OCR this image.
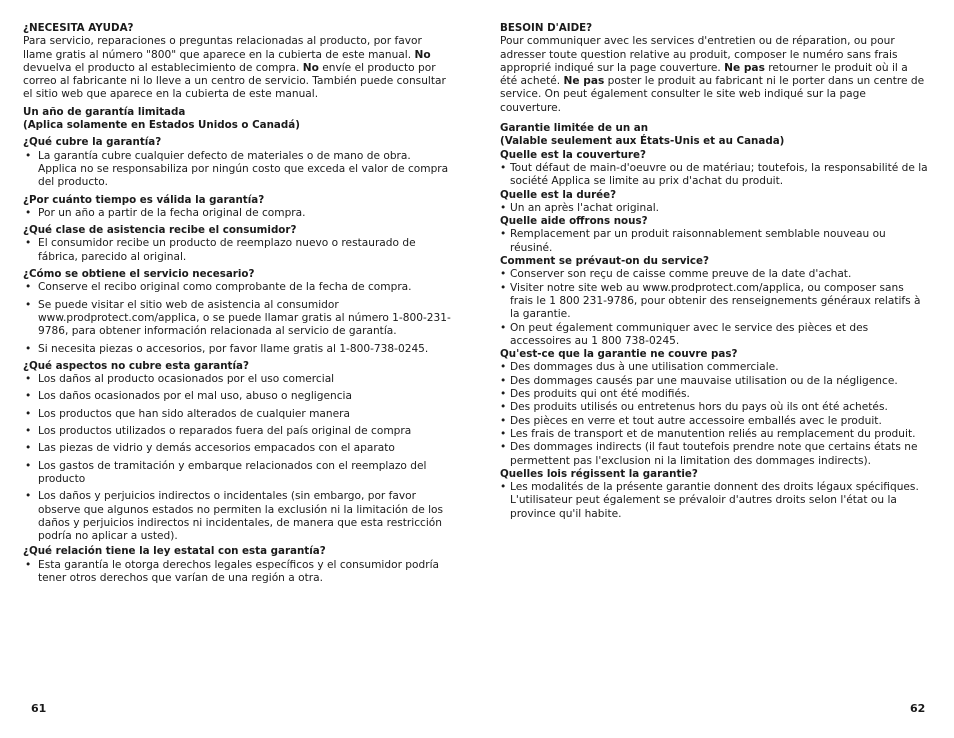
¿NECESITA AYUDA?

Para servicio, reparaciones o preguntas relacionadas al producto, por favor llame gratis al número "800" que aparece en la cubierta de este manual. No devuelva el producto al establecimiento de compra. No envíe el producto por correo al fabricante ni lo lleve a un centro de servicio. También puede consultar el sitio web que aparece en la cubierta de este manual.

Un año de garantía limitada

(Aplica solamente en Estados Unidos o Canadá)

¿Qué cubre la garantía?

• La garantía cubre cualquier defecto de materiales o de mano de obra. Applica no se responsabiliza por ningún costo que exceda el valor de compra del producto.

¿Por cuánto tiempo es válida la garantía?

• Por un año a partir de la fecha original de compra.

¿Qué clase de asistencia recibe el consumidor?

• El consumidor recibe un producto de reemplazo nuevo o restaurado de fábrica, parecido al original.

¿Cómo se obtiene el servicio necesario?

• Conserve el recibo original como comprobante de la fecha de compra.
• Se puede visitar el sitio web de asistencia al consumidor www.prodprotect.com/applica, o se puede llamar gratis al número 1-800-231-9786, para obtener información relacionada al servicio de garantía.
• Si necesita piezas o accesorios, por favor llame gratis al 1-800-738-0245.

¿Qué aspectos no cubre esta garantía?

• Los daños al producto ocasionados por el uso comercial
• Los daños ocasionados por el mal uso, abuso o negligencia
• Los productos que han sido alterados de cualquier manera
• Los productos utilizados o reparados fuera del país original de compra
• Las piezas de vidrio y demás accesorios empacados con el aparato
• Los gastos de tramitación y embarque relacionados con el reemplazo del producto
• Los daños y perjuicios indirectos o incidentales (sin embargo, por favor observe que algunos estados no permiten la exclusión ni la limitación de los daños y perjuicios indirectos ni incidentales, de manera que esta restricción podría no aplicar a usted).

¿Qué relación tiene la ley estatal con esta garantía?

• Esta garantía le otorga derechos legales específicos y el consumidor podría tener otros derechos que varían de una región a otra.

BESOIN D'AIDE?

Pour communiquer avec les services d'entretien ou de réparation, ou pour adresser toute question relative au produit, composer le numéro sans frais approprié indiqué sur la page couverture. Ne pas retourner le produit où il a été acheté. Ne pas poster le produit au fabricant ni le porter dans un centre de service. On peut également consulter le site web indiqué sur la page couverture.

Garantie limitée de un an

(Valable seulement aux États-Unis et au Canada)

Quelle est la couverture?

• Tout défaut de main-d'oeuvre ou de matériau; toutefois, la responsabilité de la société Applica se limite au prix d'achat du produit.

Quelle est la durée?

• Un an après l'achat original.

Quelle aide offrons nous?

• Remplacement par un produit raisonnablement semblable nouveau ou réusiné.

Comment se prévaut-on du service?

• Conserver son reçu de caisse comme preuve de la date d'achat.
• Visiter notre site web au www.prodprotect.com/applica, ou composer sans frais le 1 800 231-9786, pour obtenir des renseignements généraux relatifs à la garantie.
• On peut également communiquer avec le service des pièces et des accessoires au 1 800 738-0245.

Qu'est-ce que la garantie ne couvre pas?

• Des dommages dus à une utilisation commerciale.
• Des dommages causés par une mauvaise utilisation ou de la négligence.
• Des produits qui ont été modifiés.
• Des produits utilisés ou entretenus hors du pays où ils ont été achetés.
• Des pièces en verre et tout autre accessoire emballés avec le produit.
• Les frais de transport et de manutention reliés au remplacement du produit.
• Des dommages indirects (il faut toutefois prendre note que certains états ne permettent pas l'exclusion ni la limitation des dommages indirects).

Quelles lois régissent la garantie?

• Les modalités de la présente garantie donnent des droits légaux spécifiques. L'utilisateur peut également se prévaloir d'autres droits selon l'état ou la province qu'il habite.
61	62
